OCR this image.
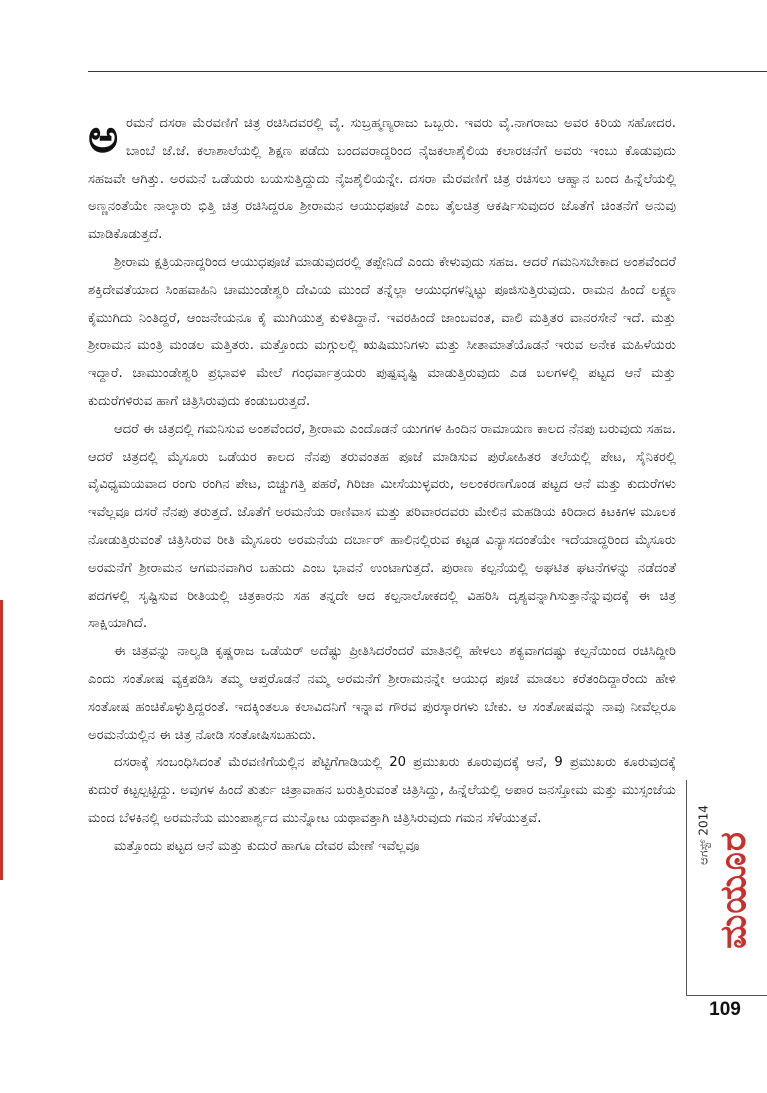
ಅರಮನೆ ದಸರಾ ಮೆರವಣಿಗೆ ಚಿತ್ರ ರಚಿಸಿದವರಲ್ಲಿ ವೈ. ಸುಬ್ರಹ್ಮಣ್ಯರಾಜು ಒಬ್ಬರು. ಇವರು ವೈ.ನಾಗರಾಜು ಅವರ ಕಿರಿಯ ಸಹೋದರ. ಬಾಂಬೆ ಜೆ.ಜೆ. ಕಲಾಶಾಲೆಯಲ್ಲಿ ಶಿಕ್ಷಣ ಪಡೆದು ಬಂದವರಾದ್ದರಿಂದ ನೈಜಕಲಾಶೈಲಿಯ ಕಲಾರಚನೆಗೆ ಅವರು ಇಂಬು ಕೊಡುವುದು ಸಹಜವೇ ಆಗಿತ್ತು. ಅರಮನೆ ಒಡೆಯರು ಬಯಸುತ್ತಿದ್ದುದು ನೈಜಶೈಲಿಯನ್ನೇ. ದಸರಾ ಮೆರವಣಿಗೆ ಚಿತ್ರ ರಚಿಸಲು ಆಹ್ವಾನ ಬಂದ ಹಿನ್ನೆಲೆಯಲ್ಲಿ ಅಣ್ಣನಂತೆಯೇ ನಾಲ್ಕಾರು ಭಿತ್ತಿ ಚಿತ್ರ ರಚಿಸಿದ್ದರೂ ಶ್ರೀರಾಮನ ಆಯುಧಪೂಜೆ ಎಂಬ ತೈಲಚಿತ್ರ ಆಕರ್ಷಿಸುವುದರ ಜೊತೆಗೆ ಚಿಂತನೆಗೆ ಅನುವು ಮಾಡಿಕೊಡುತ್ತದೆ.

ಶ್ರೀರಾಮ ಕ್ಷತ್ರಿಯನಾದ್ದರಿಂದ ಆಯುಧಪೂಜೆ ಮಾಡುವುದರಲ್ಲಿ ತಪ್ಪೇನಿದೆ ಎಂದು ಕೇಳುವುದು ಸಹಜ. ಆದರೆ ಗಮನಿಸಬೇಕಾದ ಅಂಶವೆಂದರೆ ಶಕ್ತಿದೇವತೆಯಾದ ಸಿಂಹವಾಹಿನಿ ಚಾಮುಂಡೇಶ್ವರಿ ದೇವಿಯ ಮುಂದೆ ತನ್ನೆಲ್ಲಾ ಆಯುಧಗಳನ್ನಿಟ್ಟು ಪೂಜಿಸುತ್ತಿರುವುದು. ರಾಮನ ಹಿಂದೆ ಲಕ್ಷ್ಮಣ ಕೈಮುಗಿದು ನಿಂತಿದ್ದರೆ, ಆಂಜನೇಯನೂ ಕೈ ಮುಗಿಯುತ್ತ ಕುಳಿತಿದ್ದಾನೆ. ಇವರಹಿಂದೆ ಜಾಂಬವಂತ, ವಾಲಿ ಮತ್ತಿತರ ವಾನರಸೇನೆ ಇದೆ. ಮತ್ತು ಶ್ರೀರಾಮನ ಮಂತ್ರಿ ಮಂಡಲ ಮತ್ತಿತರು. ಮತ್ತೊಂದು ಮಗ್ಗುಲಲ್ಲಿ ಋಷಿಮುನಿಗಳು ಮತ್ತು ಸೀತಾಮಾತೆಯೊಡನೆ ಇರುವ ಅನೇಕ ಮಹಿಳೆಯರು ಇದ್ದಾರೆ. ಚಾಮುಂಡೇಶ್ವರಿ ಪ್ರಭಾವಳಿ ಮೇಲೆ ಗಂಧರ್ವಾತ್ರಯರು ಪುಷ್ಪವೃಷ್ಟಿ ಮಾಡುತ್ತಿರುವುದು ಎಡ ಬಲಗಳಲ್ಲಿ ಪಟ್ಟದ ಆನೆ ಮತ್ತು ಕುದುರೆಗಳಿರುವ ಹಾಗೆ ಚಿತ್ರಿಸಿರುವುದು ಕಂಡುಬರುತ್ತದೆ.

ಆದರೆ ಈ ಚಿತ್ರದಲ್ಲಿ ಗಮನಿಸುವ ಅಂಶವೆಂದರೆ, ಶ್ರೀರಾಮ ಎಂದೊಡನೆ ಯುಗಗಳ ಹಿಂದಿನ ರಾಮಾಯಣ ಕಾಲದ ನೆನಪು ಬರುವುದು ಸಹಜ. ಆದರೆ ಚಿತ್ರದಲ್ಲಿ ಮೈಸೂರು ಒಡೆಯರ ಕಾಲದ ನೆನಪು ತರುವಂತಹ ಪೂಜೆ ಮಾಡಿಸುವ ಪುರೋಹಿತರ ತಲೆಯಲ್ಲಿ ಪೇಟ, ಸೈನಿಕರಲ್ಲಿ ವೈವಿಧ್ಯಮಯವಾದ ರಂಗು ರಂಗಿನ ಪೇಟ, ಬಿಚ್ಚುಗತ್ತಿ ಪಹರೆ, ಗಿರಿಜಾ ಮೀಸೆಯುಳ್ಳವರು, ಅಲಂಕರಣಗೊಂಡ ಪಟ್ಟದ ಆನೆ ಮತ್ತು ಕುದುರೆಗಳು ಇವೆಲ್ಲವೂ ದಸರೆ ನೆನಪು ತರುತ್ತದೆ. ಜೊತೆಗೆ ಅರಮನೆಯ ರಾಣಿವಾಸ ಮತ್ತು ಪರಿವಾರದವರು ಮೇಲಿನ ಮಹಡಿಯ ಕಿರಿದಾದ ಕಿಟಕಿಗಳ ಮೂಲಕ ನೋಡುತ್ತಿರುವಂತೆ ಚಿತ್ರಿಸಿರುವ ರೀತಿ ಮೈಸೂರು ಅರಮನೆಯ ದರ್ಬಾರ್ ಹಾಲಿನಲ್ಲಿರುವ ಕಟ್ಟಡ ವಿನ್ಯಾಸದಂತೆಯೇ ಇದೆಯಾದ್ದರಿಂದ ಮೈಸೂರು ಅರಮನೆಗೆ ಶ್ರೀರಾಮನ ಆಗಮನವಾಗಿರ ಬಹುದು ಎಂಬ ಭಾವನೆ ಉಂಟಾಗುತ್ತದೆ. ಪುರಾಣ ಕಲ್ಪನೆಯಲ್ಲಿ ಅಘಟಿತ ಘಟನೆಗಳನ್ನು ನಡೆದಂತೆ ಪದಗಳಲ್ಲಿ ಸೃಷ್ಟಿಸುವ ರೀತಿಯಲ್ಲಿ ಚಿತ್ರಕಾರನು ಸಹ ತನ್ನದೇ ಆದ ಕಲ್ಪನಾಲೋಕದಲ್ಲಿ ವಿಹರಿಸಿ ದೃಶ್ಯವನ್ನಾಗಿಸುತ್ತಾನೆನ್ನುವುದಕ್ಕೆ ಈ ಚಿತ್ರ ಸಾಕ್ಷಿಯಾಗಿದೆ.

ಈ ಚಿತ್ರವನ್ನು ನಾಲ್ವಡಿ ಕೃಷ್ಣರಾಜ ಒಡೆಯರ್ ಅದೆಷ್ಟು ಪ್ರೀತಿಸಿದರೆಂದರೆ ಮಾತಿನಲ್ಲಿ ಹೇಳಲು ಶಕ್ಯವಾಗದಷ್ಟು ಕಲ್ಪನೆಯಿಂದ ರಚಿಸಿದ್ದೀರಿ ಎಂದು ಸಂತೋಷ ವ್ಯಕ್ತಪಡಿಸಿ ತಮ್ಮ ಆಪ್ತರೊಡನೆ ನಮ್ಮ ಅರಮನೆಗೆ ಶ್ರೀರಾಮನನ್ನೇ ಆಯುಧ ಪೂಜೆ ಮಾಡಲು ಕರೆತಂದಿದ್ದಾರೆಂದು ಹೇಳಿ ಸಂತೋಷ ಹಂಚಿಕೊಳ್ಳುತ್ತಿದ್ದರಂತೆ. ಇದಕ್ಕಿಂತಲೂ ಕಲಾವಿದನಿಗೆ ಇನ್ನಾವ ಗೌರವ ಪುರಸ್ಕಾರಗಳು ಬೇಕು. ಆ ಸಂತೋಷವನ್ನು ನಾವು ನೀವೆಲ್ಲರೂ ಅರಮನೆಯಲ್ಲಿನ ಈ ಚಿತ್ರ ನೋಡಿ ಸಂತೋಷಿಸಬಹುದು.

ದಸರಾಕ್ಕೆ ಸಂಬಂಧಿಸಿದಂತೆ ಮೆರವಣಿಗೆಯಲ್ಲಿನ ಪೆಟ್ಟಿಗೆಗಾಡಿಯಲ್ಲಿ 20 ಪ್ರಮುಖರು ಕೂರುವುದಕ್ಕೆ ಆನೆ, 9 ಪ್ರಮುಖರು ಕೂರುವುದಕ್ಕೆ ಕುದುರೆ ಕಟ್ಟಲ್ಪಟ್ಟಿದ್ದು. ಅವುಗಳ ಹಿಂದೆ ತುರ್ತು ಚಿತ್ರಾವಾಹನ ಬರುತ್ತಿರುವಂತೆ ಚಿತ್ರಿಸಿದ್ದು, ಹಿನ್ನೆಲೆಯಲ್ಲಿ ಅಪಾರ ಜನಸ್ತೋಮ ಮತ್ತು ಮುಸ್ಸಂಜೆಯ ಮಂದ ಬೆಳಕಿನಲ್ಲಿ ಅರಮನೆಯ ಮುಂಪಾರ್ಶ್ವದ ಮುನ್ನೋಟ ಯಥಾವತ್ತಾಗಿ ಚಿತ್ರಿಸಿರುವುದು ಗಮನ ಸೆಳೆಯುತ್ತವೆ.

ಮತ್ತೊಂದು ಪಟ್ಟದ ಆನೆ ಮತ್ತು ಕುದುರೆ ಹಾಗೂ ದೇವರ ಮೇಣೆ ಇವೆಲ್ಲವೂ	ಆಗಸ್ಟ್ 2014 ಮಯೂರ
109
